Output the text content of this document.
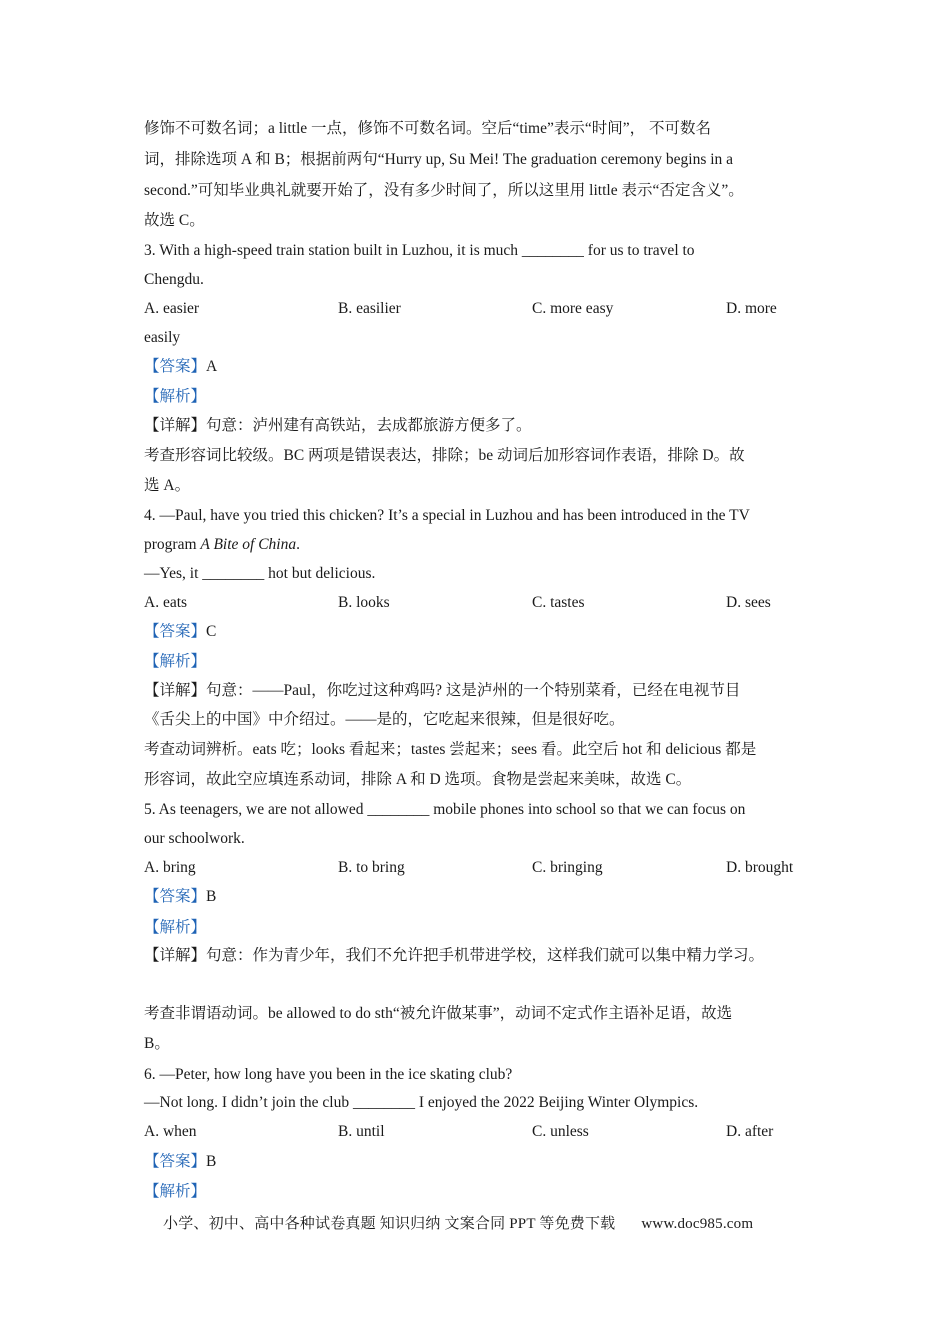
修饰不可数名词；a little 一点，修饰不可数名词。空后“time”表示“时间”， 不可数名
词，排除选项 A 和 B；根据前两句“Hurry up, Su Mei! The graduation ceremony begins in a
second.”可知毕业典礼就要开始了，没有多少时间了，所以这里用 little 表示“否定含义”。
故选 C。
3. With a high-speed train station built in Luzhou, it is much ________ for us to travel to
Chengdu.
A. easier	B. easilier	C. more easy	D. more
easily
【答案】A
【解析】
【详解】句意：泸州建有高铁站，去成都旅游方便多了。
考查形容词比较级。BC 两项是错误表达，排除；be 动词后加形容词作表语，排除 D。故
选 A。
4. —Paul, have you tried this chicken? It’s a special in Luzhou and has been introduced in the TV
program A Bite of China.
—Yes, it ________ hot but delicious.
A. eats	B. looks	C. tastes	D. sees
【答案】C
【解析】
【详解】句意：——Paul，你吃过这种鸡吗? 这是泸州的一个特别菜肴，已经在电视节目
《舌尖上的中国》中介绍过。——是的，它吃起来很辣，但是很好吃。
考查动词辨析。eats 吃；looks 看起来；tastes 尝起来；sees 看。此空后 hot 和 delicious 都是
形容词，故此空应填连系动词，排除 A 和 D 选项。食物是尝起来美味，故选 C。
5. As teenagers, we are not allowed ________ mobile phones into school so that we can focus on
our schoolwork.
A. bring	B. to bring	C. bringing	D. brought
【答案】B
【解析】
【详解】句意：作为青少年，我们不允许把手机带进学校，这样我们就可以集中精力学习。
考查非谓语动词。be allowed to do sth“被允许做某事”，动词不定式作主语补足语，故选
B。
6. —Peter, how long have you been in the ice skating club?
—Not long. I didn’t join the club ________ I enjoyed the 2022 Beijing Winter Olympics.
A. when	B. until	C. unless	D. after
【答案】B
【解析】
小学、初中、高中各种试卷真题 知识归纳 文案合同 PPT 等免费下载 www.doc985.com
